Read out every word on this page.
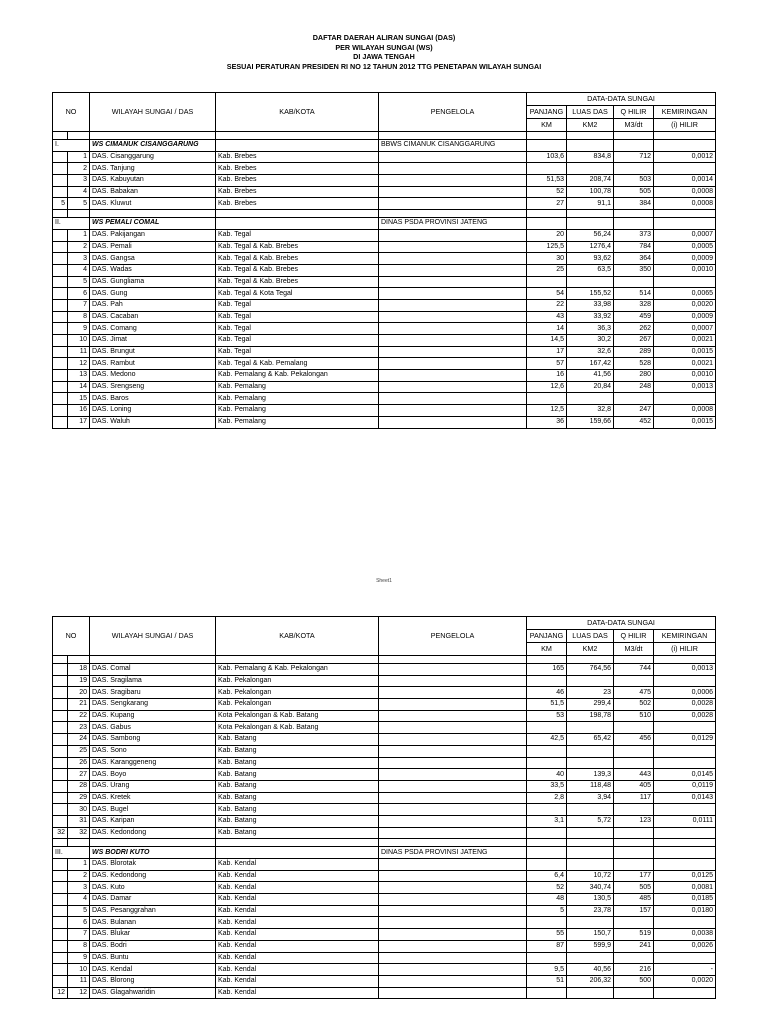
DAFTAR DAERAH ALIRAN SUNGAI (DAS)
PER WILAYAH SUNGAI (WS)
DI JAWA TENGAH
SESUAI PERATURAN PRESIDEN RI NO 12 TAHUN 2012 TTG PENETAPAN WILAYAH SUNGAI
NO		WILAYAH SUNGAI / DAS	KAB/KOTA	PENGELOLA	DATA-DATA SUNGAI			
					PANJANG	LUAS DAS	Q HILIR	KEMIRINGAN
					KM	KM2	M3/dt	(i) HILIR

I.		WS CIMANUK CISANGGARUNG		BBWS CIMANUK CISANGGARUNG				
	1	DAS. Cisanggarung	Kab. Brebes		103,6	834,8	712	0,0012
	2	DAS. Tanjung	Kab. Brebes					
	3	DAS. Kabuyutan	Kab. Brebes		51,53	208,74	503	0,0014
	4	DAS. Babakan	Kab. Brebes		52	100,78	505	0,0008
5	5	DAS. Kluwut	Kab. Brebes		27	91,1	384	0,0008

II.		WS PEMALI COMAL		DINAS PSDA PROVINSI JATENG				
	1	DAS. Pakijangan	Kab. Tegal		20	56,24	373	0,0007
	2	DAS. Pemali	Kab. Tegal & Kab. Brebes		125,5	1276,4	784	0,0005
	3	DAS. Gangsa	Kab. Tegal & Kab. Brebes		30	93,62	364	0,0009
	4	DAS. Wadas	Kab. Tegal & Kab. Brebes		25	63,5	350	0,0010
	5	DAS. Gungliama	Kab. Tegal & Kab. Brebes					
	6	DAS. Gung	Kab. Tegal & Kota Tegal		54	155,52	514	0,0065
	7	DAS. Pah	Kab. Tegal		22	33,98	328	0,0020
	8	DAS. Cacaban	Kab. Tegal		43	33,92	459	0,0009
	9	DAS. Comang	Kab. Tegal		14	36,3	262	0,0007
	10	DAS. Jimat	Kab. Tegal		14,5	30,2	267	0,0021
	11	DAS. Brungut	Kab. Tegal		17	32,6	289	0,0015
	12	DAS. Rambut	Kab. Tegal & Kab. Pemalang		57	167,42	528	0,0021
	13	DAS. Medono	Kab. Pemalang & Kab. Pekalongan		16	41,56	280	0,0010
	14	DAS. Srengseng	Kab. Pemalang		12,6	20,84	248	0,0013
	15	DAS. Baros	Kab. Pemalang					
	16	DAS. Loning	Kab. Pemalang		12,5	32,8	247	0,0008
	17	DAS. Waluh	Kab. Pemalang		36	159,66	452	0,0015
Sheet1
NO		WILAYAH SUNGAI / DAS	KAB/KOTA	PENGELOLA	DATA-DATA SUNGAI			
					PANJANG	LUAS DAS	Q HILIR	KEMIRINGAN
					KM	KM2	M3/dt	(i) HILIR

	18	DAS. Comal	Kab. Pemalang & Kab. Pekalongan		165	764,56	744	0,0013
	19	DAS. Sragilama	Kab. Pekalongan					
	20	DAS. Sragibaru	Kab. Pekalongan		46	23	475	0,0006
	21	DAS. Sengkarang	Kab. Pekalongan		51,5	299,4	502	0,0028
	22	DAS. Kupang	Kota Pekalongan & Kab. Batang		53	198,78	510	0,0028
	23	DAS. Gabus	Kota Pekalongan & Kab. Batang					
	24	DAS. Sambong	Kab. Batang		42,5	65,42	456	0,0129
	25	DAS. Sono	Kab. Batang					
	26	DAS. Karanggeneng	Kab. Batang					
	27	DAS. Boyo	Kab. Batang		40	139,3	443	0,0145
	28	DAS. Urang	Kab. Batang		33,5	118,48	405	0,0119
	29	DAS. Kretek	Kab. Batang		2,8	3,94	117	0,0143
	30	DAS. Bugel	Kab. Batang					
	31	DAS. Karipan	Kab. Batang		3,1	5,72	123	0,0111
32	32	DAS. Kedondong	Kab. Batang					

III.		WS BODRI KUTO		DINAS PSDA PROVINSI JATENG				
	1	DAS. Blorotak	Kab. Kendal					
	2	DAS. Kedondong	Kab. Kendal		6,4	10,72	177	0,0125
	3	DAS. Kuto	Kab. Kendal		52	340,74	505	0,0081
	4	DAS. Damar	Kab. Kendal		48	130,5	485	0,0185
	5	DAS. Pesanggrahan	Kab. Kendal		5	23,78	157	0,0180
	6	DAS. Bulanan	Kab. Kendal					
	7	DAS. Blukar	Kab. Kendal		55	150,7	519	0,0038
	8	DAS. Bodri	Kab. Kendal		87	599,9	241	0,0026
	9	DAS. Buntu	Kab. Kendal					
	10	DAS. Kendal	Kab. Kendal		9,5	40,56	216	-
	11	DAS. Blorong	Kab. Kendal		51	206,32	500	0,0020
12	12	DAS. Glagahwaridin	Kab. Kendal					
